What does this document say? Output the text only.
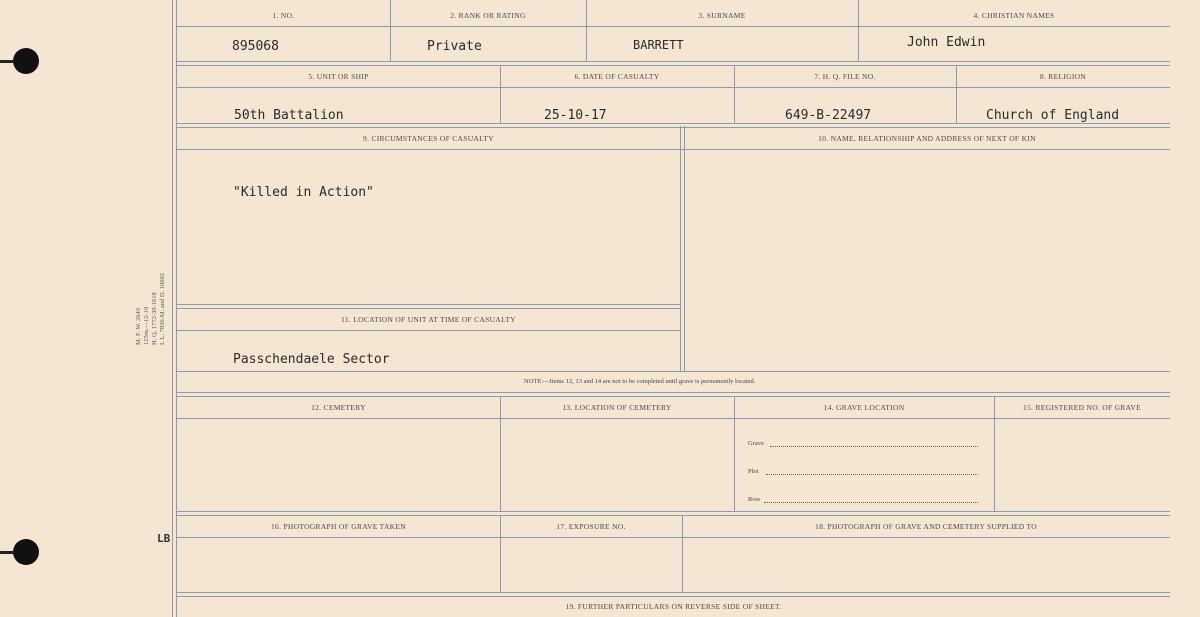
M. F. W. 2643 125m.—12-19 H. Q. 1772-39-1618 I. L. 7836-M. and D. 10602
LB
1. NO.	2. RANK OR RATING	3. SURNAME	4. CHRISTIAN NAMES
895068	Private	BARRETT	John Edwin
5. UNIT OR SHIP	6. DATE OF CASUALTY	7. H. Q. FILE NO.	8. RELIGION
50th Battalion	25-10-17	649-B-22497	Church of England
9. CIRCUMSTANCES OF CASUALTY	10. NAME, RELATIONSHIP AND ADDRESS OF NEXT OF KIN
"Killed in Action"
11. LOCATION OF UNIT AT TIME OF CASUALTY
Passchendaele Sector
NOTE:—Items 12, 13 and 14 are not to be completed until grave is permanently located.
12. CEMETERY	13. LOCATION OF CEMETERY	14. GRAVE LOCATION	15. REGISTERED NO. OF GRAVE
Grave
Plot
Row
16. PHOTOGRAPH OF GRAVE TAKEN	17. EXPOSURE NO.	18. PHOTOGRAPH OF GRAVE AND CEMETERY SUPPLIED TO
19. FURTHER PARTICULARS ON REVERSE SIDE OF SHEET.
